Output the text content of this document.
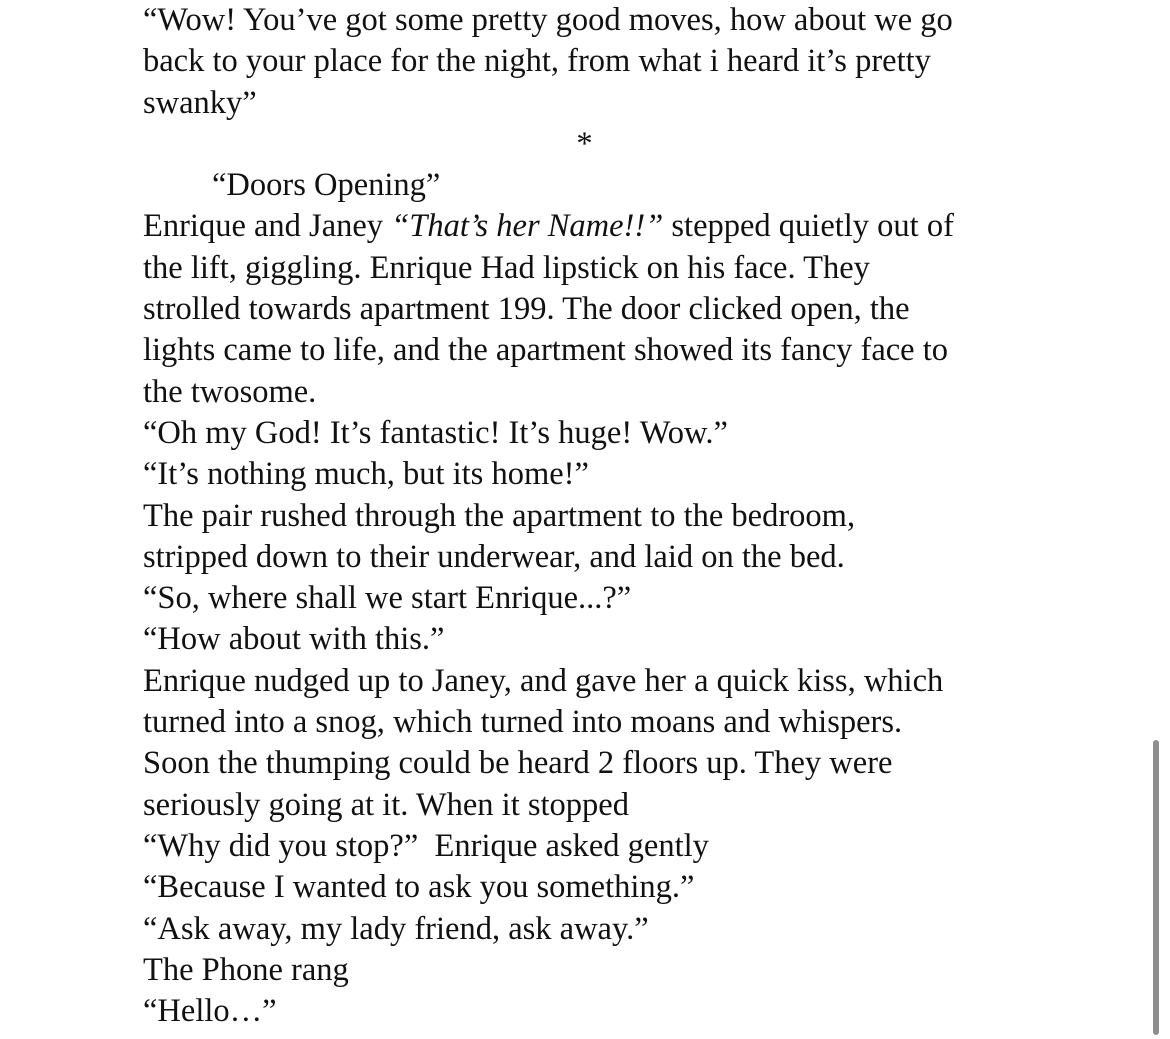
“Wow! You’ve got some pretty good moves, how about we go
back to your place for the night, from what i heard it’s pretty
swanky”
*
“Doors Opening”
Enrique and Janey “That’s her Name!!” stepped quietly out of
the lift, giggling. Enrique Had lipstick on his face. They
strolled towards apartment 199. The door clicked open, the
lights came to life, and the apartment showed its fancy face to
the twosome.
“Oh my God! It’s fantastic! It’s huge! Wow.”
“It’s nothing much, but its home!”
The pair rushed through the apartment to the bedroom,
stripped down to their underwear, and laid on the bed.
“So, where shall we start Enrique...?”
“How about with this.”
Enrique nudged up to Janey, and gave her a quick kiss, which
turned into a snog, which turned into moans and whispers.
Soon the thumping could be heard 2 floors up. They were
seriously going at it. When it stopped
“Why did you stop?”  Enrique asked gently
“Because I wanted to ask you something.”
“Ask away, my lady friend, ask away.”
The Phone rang
“Hello…”
